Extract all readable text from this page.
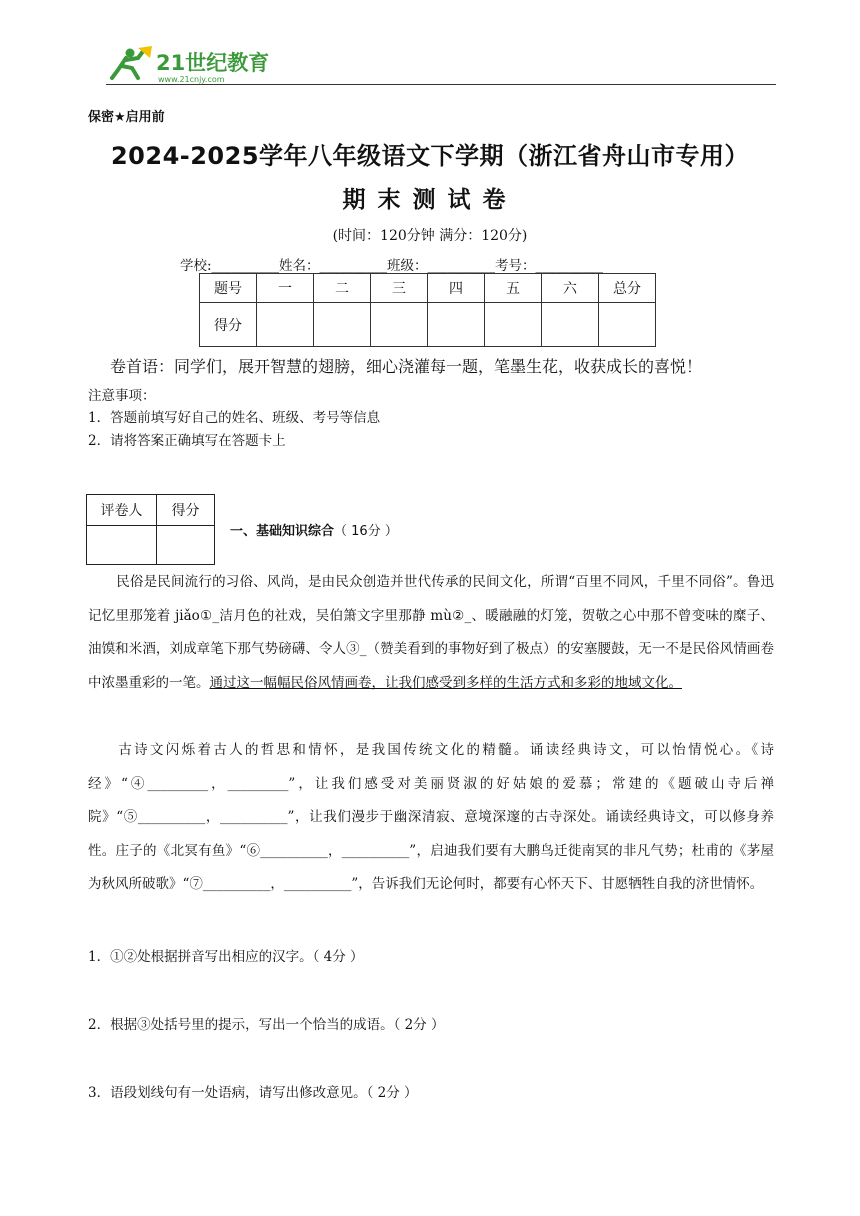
21世纪教育
www.21cnjy.com
保密★启用前
2024-2025学年八年级语文下学期（浙江省舟山市专用）
期末测试卷
(时间：120分钟 满分：120分)
学校:__________姓名：__________班级：__________考号：__________
题号	一	二	三	四	五	六	总分
得分							
卷首语：同学们，展开智慧的翅膀，细心浇灌每一题，笔墨生花，收获成长的喜悦！
注意事项：
1．答题前填写好自己的姓名、班级、考号等信息
2．请将答案正确填写在答题卡上
评卷人	得分

一、基础知识综合（ 16分 ）
民俗是民间流行的习俗、风尚，是由民众创造并世代传承的民间文化，所谓“百里不同风，千里不同俗”。鲁迅记忆里那笼着 jiǎo①_洁月色的社戏，吴伯箫文字里那静 mù②_、暖融融的灯笼，贺敬之心中那不曾变味的糜子、油馍和米酒，刘成章笔下那气势磅礴、令人③_（赞美看到的事物好到了极点）的安塞腰鼓，无一不是民俗风情画卷中浓墨重彩的一笔。通过这一幅幅民俗风情画卷，让我们感受到多样的生活方式和多彩的地域文化。
古诗文闪烁着古人的哲思和情怀，是我国传统文化的精髓。诵读经典诗文，可以怡情悦心。《诗经》“④_________，_________”，让我们感受对美丽贤淑的好姑娘的爱慕；常建的《题破山寺后禅院》“⑤__________，__________”，让我们漫步于幽深清寂、意境深邃的古寺深处。诵读经典诗文，可以修身养性。庄子的《北冥有鱼》“⑥__________，__________”，启迪我们要有大鹏鸟迁徙南冥的非凡气势；杜甫的《茅屋为秋风所破歌》“⑦__________，__________”，告诉我们无论何时，都要有心怀天下、甘愿牺牲自我的济世情怀。
1．①②处根据拼音写出相应的汉字。（ 4分 ）
2．根据③处括号里的提示，写出一个恰当的成语。（ 2分 ）
3．语段划线句有一处语病，请写出修改意见。（ 2分 ）
